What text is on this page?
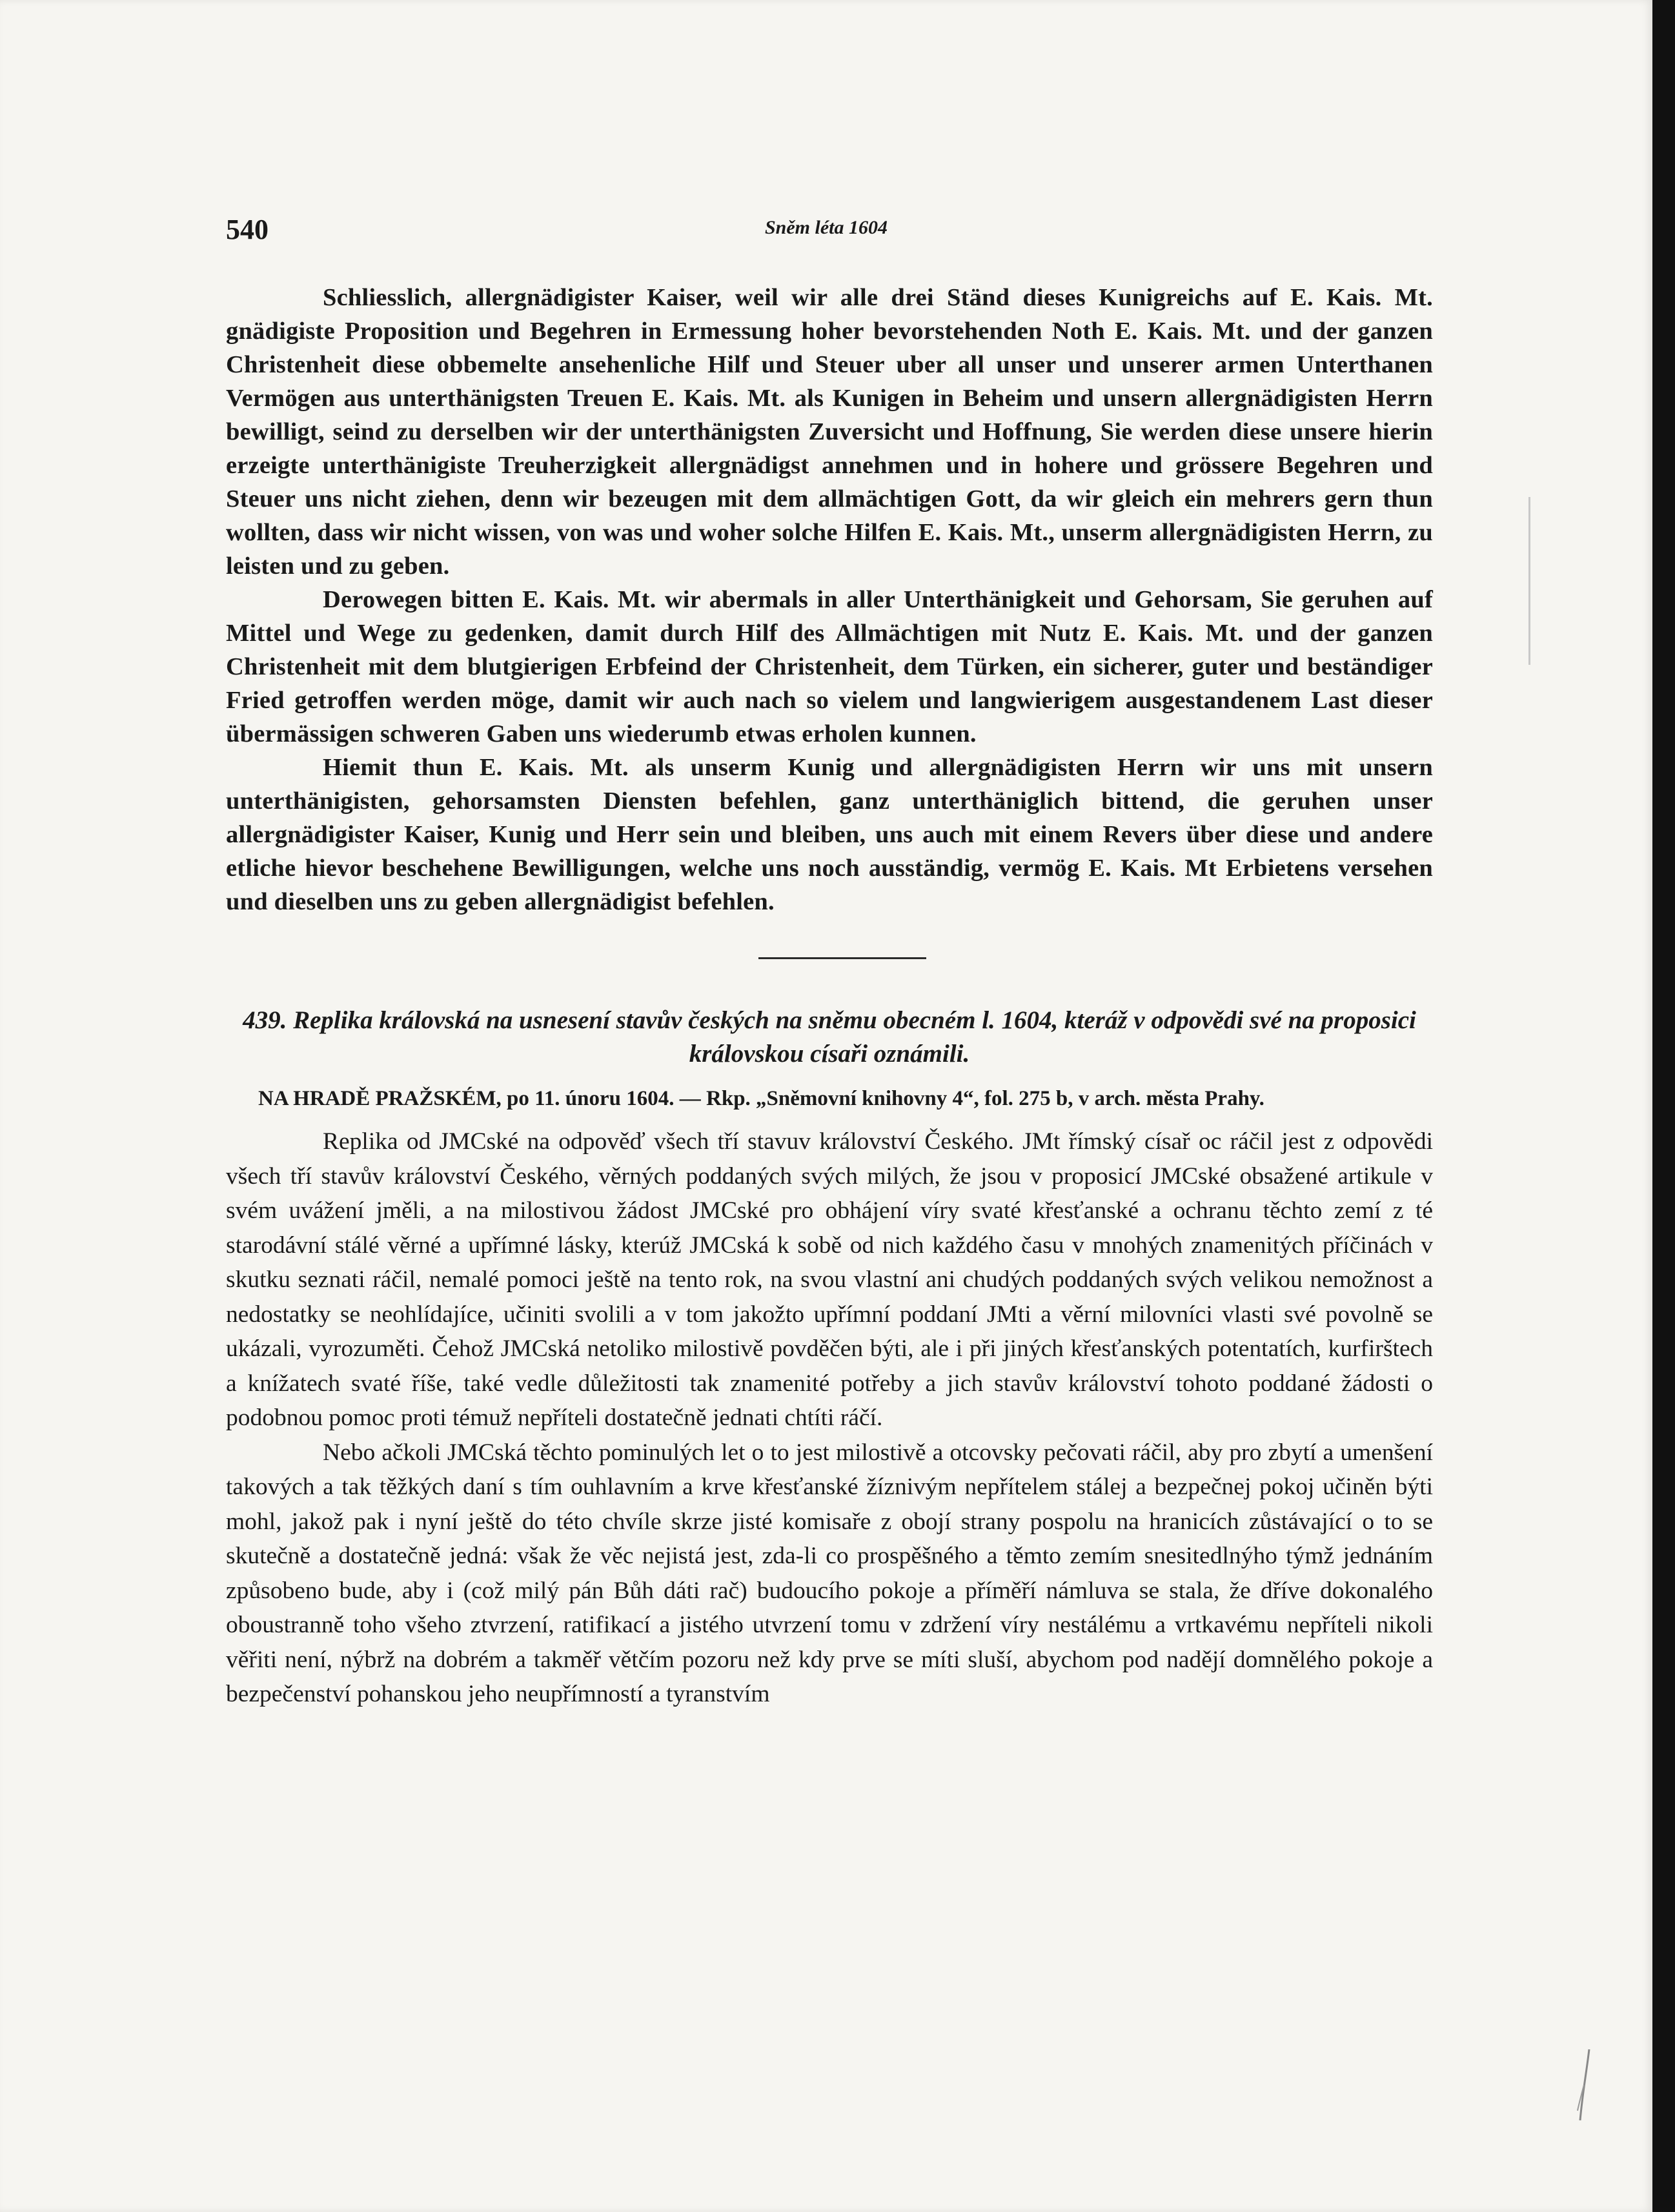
540	Sněm léta 1604

Schliesslich, allergnädigister Kaiser, weil wir alle drei Ständ dieses Kunigreichs auf E. Kais. Mt. gnädigiste Proposition und Begehren in Ermessung hoher bevorstehenden Noth E. Kais. Mt. und der ganzen Christenheit diese obbemelte ansehenliche Hilf und Steuer uber all unser und unserer armen Unterthanen Vermögen aus unterthänigsten Treuen E. Kais. Mt. als Kunigen in Beheim und unsern allergnädigisten Herrn bewilligt, seind zu derselben wir der unterthänigsten Zuversicht und Hoffnung, Sie werden diese unsere hierin erzeigte unterthänigiste Treuherzigkeit allergnädigst annehmen und in hohere und grössere Begehren und Steuer uns nicht ziehen, denn wir bezeugen mit dem allmächtigen Gott, da wir gleich ein mehrers gern thun wollten, dass wir nicht wissen, von was und woher solche Hilfen E. Kais. Mt., unserm allergnädigisten Herrn, zu leisten und zu geben.

Derowegen bitten E. Kais. Mt. wir abermals in aller Unterthänigkeit und Gehorsam, Sie geruhen auf Mittel und Wege zu gedenken, damit durch Hilf des Allmächtigen mit Nutz E. Kais. Mt. und der ganzen Christenheit mit dem blutgierigen Erbfeind der Christenheit, dem Türken, ein sicherer, guter und beständiger Fried getroffen werden möge, damit wir auch nach so vielem und langwierigem ausgestandenem Last dieser übermässigen schweren Gaben uns wiederumb etwas erholen kunnen.

Hiemit thun E. Kais. Mt. als unserm Kunig und allergnädigisten Herrn wir uns mit unsern unterthänigisten, gehorsamsten Diensten befehlen, ganz unterthäniglich bittend, die geruhen unser allergnädigister Kaiser, Kunig und Herr sein und bleiben, uns auch mit einem Revers über diese und andere etliche hievor beschehene Bewilligungen, welche uns noch ausständig, vermög E. Kais. Mt Erbietens versehen und dieselben uns zu geben allergnädigist befehlen.

439. Replika královská na usnesení stavův českých na sněmu obecném l. 1604, kteráž v odpovědi své na proposici královskou císaři oznámili.
NA HRADĚ PRAŽSKÉM, po 11. únoru 1604. — Rkp. „Sněmovní knihovny 4“, fol. 275 b, v arch. města Prahy.

Replika od JMCské na odpověď všech tří stavuv království Českého. JMt římský císař oc ráčil jest z odpovědi všech tří stavův království Českého, věrných poddaných svých milých, že jsou v proposicí JMCské obsažené artikule v svém uvážení jměli, a na milostivou žádost JMCské pro obhájení víry svaté křesťanské a ochranu těchto zemí z té starodávní stálé věrné a upřímné lásky, kterúž JMCská k sobě od nich každého času v mnohých znamenitých příčinách v skutku seznati ráčil, nemalé pomoci ještě na tento rok, na svou vlastní ani chudých poddaných svých velikou nemožnost a nedostatky se neohlídajíce, učiniti svolili a v tom jakožto upřímní poddaní JMti a věrní milovníci vlasti své povolně se ukázali, vyrozuměti. Čehož JMCská netoliko milostivě povděčen býti, ale i při jiných křesťanských potentatích, kurfirštech a knížatech svaté říše, také vedle důležitosti tak znamenité potřeby a jich stavův království tohoto poddané žádosti o podobnou pomoc proti témuž nepříteli dostatečně jednati chtíti ráčí.

Nebo ačkoli JMCská těchto pominulých let o to jest milostivě a otcovsky pečovati ráčil, aby pro zbytí a umenšení takových a tak těžkých daní s tím ouhlavním a krve křesťanské žíznivým nepřítelem stálej a bezpečnej pokoj učiněn býti mohl, jakož pak i nyní ještě do této chvíle skrze jisté komisaře z obojí strany pospolu na hranicích zůstávající o to se skutečně a dostatečně jedná: však že věc nejistá jest, zda-li co prospěšného a těmto zemím snesitedlnýho týmž jednáním způsobeno bude, aby i (což milý pán Bůh dáti rač) budoucího pokoje a příměří námluva se stala, že dříve dokonalého oboustranně toho všeho ztvrzení, ratifikací a jistého utvrzení tomu v zdržení víry nestálému a vrtkavému nepříteli nikoli věřiti není, nýbrž na dobrém a takměř větčím pozoru než kdy prve se míti sluší, abychom pod nadějí domnělého pokoje a bezpečenství pohanskou jeho neupřímností a tyranstvím
